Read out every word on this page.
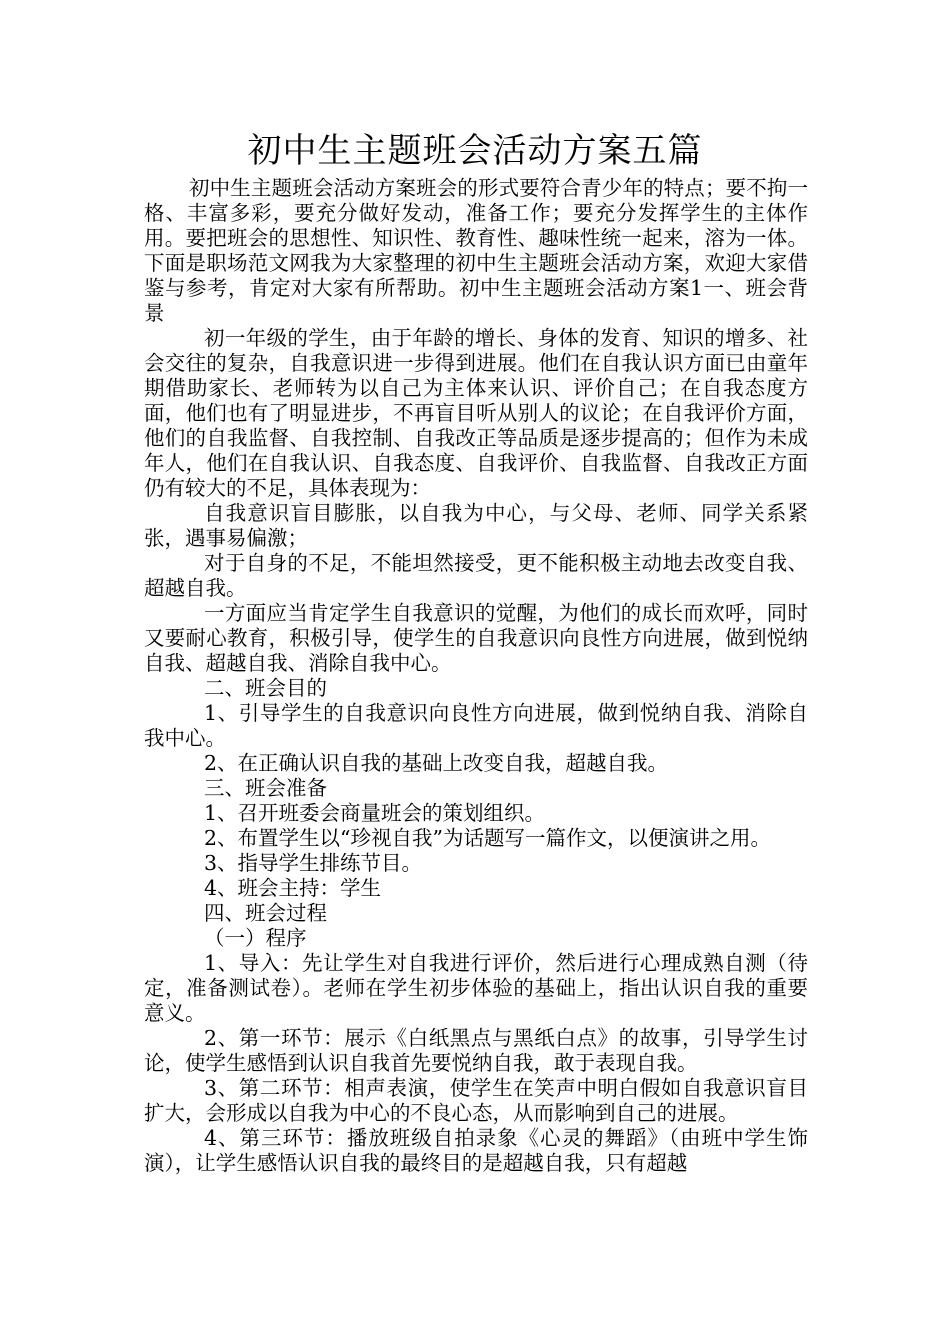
初中生主题班会活动方案五篇

初中生主题班会活动方案班会的形式要符合青少年的特点；要不拘一格、丰富多彩，要充分做好发动，准备工作；要充分发挥学生的主体作用。要把班会的思想性、知识性、教育性、趣味性统一起来，溶为一体。下面是职场范文网我为大家整理的初中生主题班会活动方案，欢迎大家借鉴与参考，肯定对大家有所帮助。初中生主题班会活动方案1一、班会背景

初一年级的学生，由于年龄的增长、身体的发育、知识的增多、社会交往的复杂，自我意识进一步得到进展。他们在自我认识方面已由童年期借助家长、老师转为以自己为主体来认识、评价自己；在自我态度方面，他们也有了明显进步，不再盲目听从别人的议论；在自我评价方面，他们的自我监督、自我控制、自我改正等品质是逐步提高的；但作为未成年人，他们在自我认识、自我态度、自我评价、自我监督、自我改正方面仍有较大的不足，具体表现为：

自我意识盲目膨胀，以自我为中心，与父母、老师、同学关系紧张，遇事易偏激；

对于自身的不足，不能坦然接受，更不能积极主动地去改变自我、超越自我。

一方面应当肯定学生自我意识的觉醒，为他们的成长而欢呼，同时又要耐心教育，积极引导，使学生的自我意识向良性方向进展，做到悦纳自我、超越自我、消除自我中心。

二、班会目的

1、引导学生的自我意识向良性方向进展，做到悦纳自我、消除自我中心。

2、在正确认识自我的基础上改变自我，超越自我。

三、班会准备

1、召开班委会商量班会的策划组织。

2、布置学生以“珍视自我”为话题写一篇作文，以便演讲之用。

3、指导学生排练节目。

4、班会主持：学生

四、班会过程

（一）程序

1、导入：先让学生对自我进行评价，然后进行心理成熟自测（待定，准备测试卷）。老师在学生初步体验的基础上，指出认识自我的重要意义。

2、第一环节：展示《白纸黑点与黑纸白点》的故事，引导学生讨论，使学生感悟到认识自我首先要悦纳自我，敢于表现自我。

3、第二环节：相声表演，使学生在笑声中明白假如自我意识盲目扩大，会形成以自我为中心的不良心态，从而影响到自己的进展。

4、第三环节：播放班级自拍录象《心灵的舞蹈》（由班中学生饰演），让学生感悟认识自我的最终目的是超越自我，只有超越
